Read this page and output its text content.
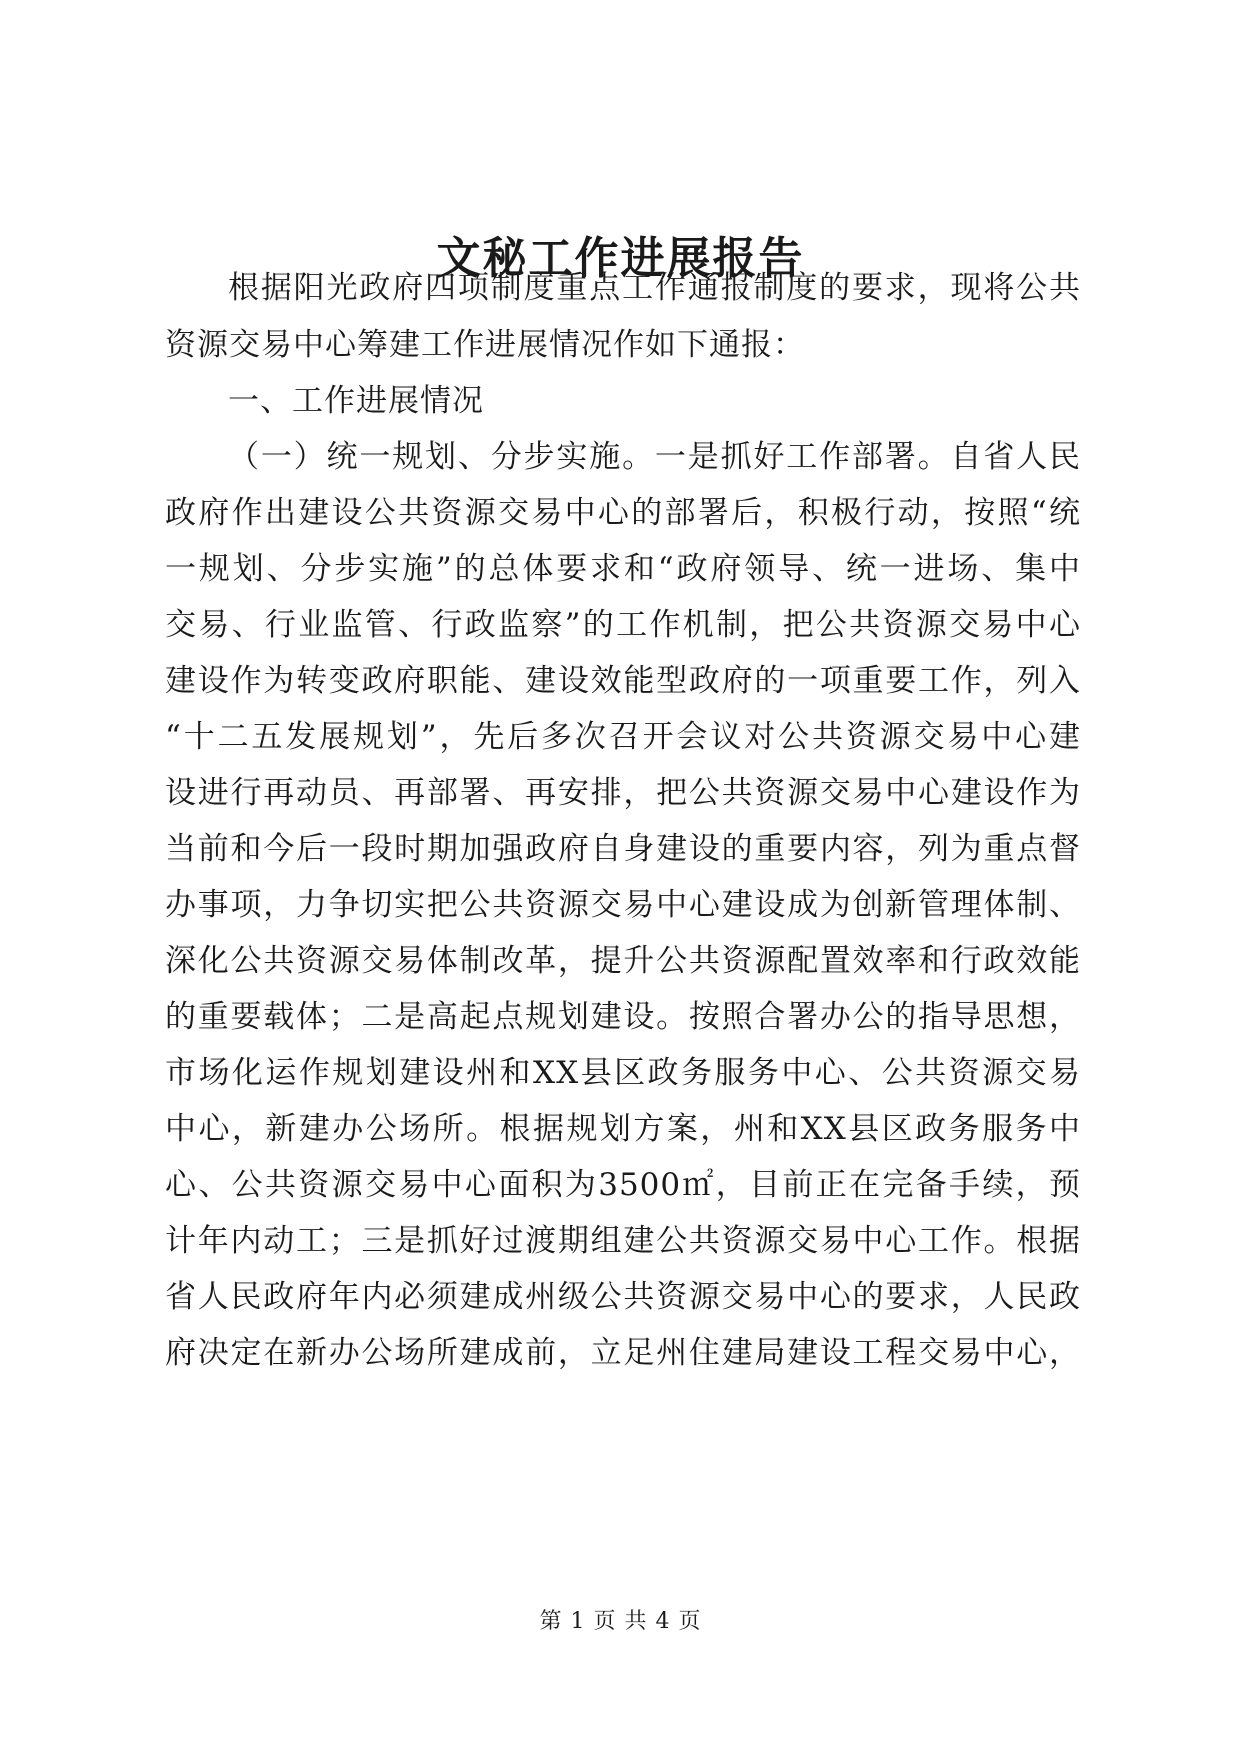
文秘工作进展报告
根据阳光政府四项制度重点工作通报制度的要求，现将公共
资源交易中心筹建工作进展情况作如下通报：
一、工作进展情况
（一）统一规划、分步实施。一是抓好工作部署。自省人民
政府作出建设公共资源交易中心的部署后，积极行动，按照“统
一规划、分步实施”的总体要求和“政府领导、统一进场、集中
交易、行业监管、行政监察”的工作机制，把公共资源交易中心
建设作为转变政府职能、建设效能型政府的一项重要工作，列入
“十二五发展规划”，先后多次召开会议对公共资源交易中心建
设进行再动员、再部署、再安排，把公共资源交易中心建设作为
当前和今后一段时期加强政府自身建设的重要内容，列为重点督
办事项，力争切实把公共资源交易中心建设成为创新管理体制、
深化公共资源交易体制改革，提升公共资源配置效率和行政效能
的重要载体；二是高起点规划建设。按照合署办公的指导思想，
市场化运作规划建设州和XX县区政务服务中心、公共资源交易
中心，新建办公场所。根据规划方案，州和XX县区政务服务中
心、公共资源交易中心面积为3500㎡，目前正在完备手续，预
计年内动工；三是抓好过渡期组建公共资源交易中心工作。根据
省人民政府年内必须建成州级公共资源交易中心的要求，人民政
府决定在新办公场所建成前，立足州住建局建设工程交易中心，
第 1 页 共 4 页
